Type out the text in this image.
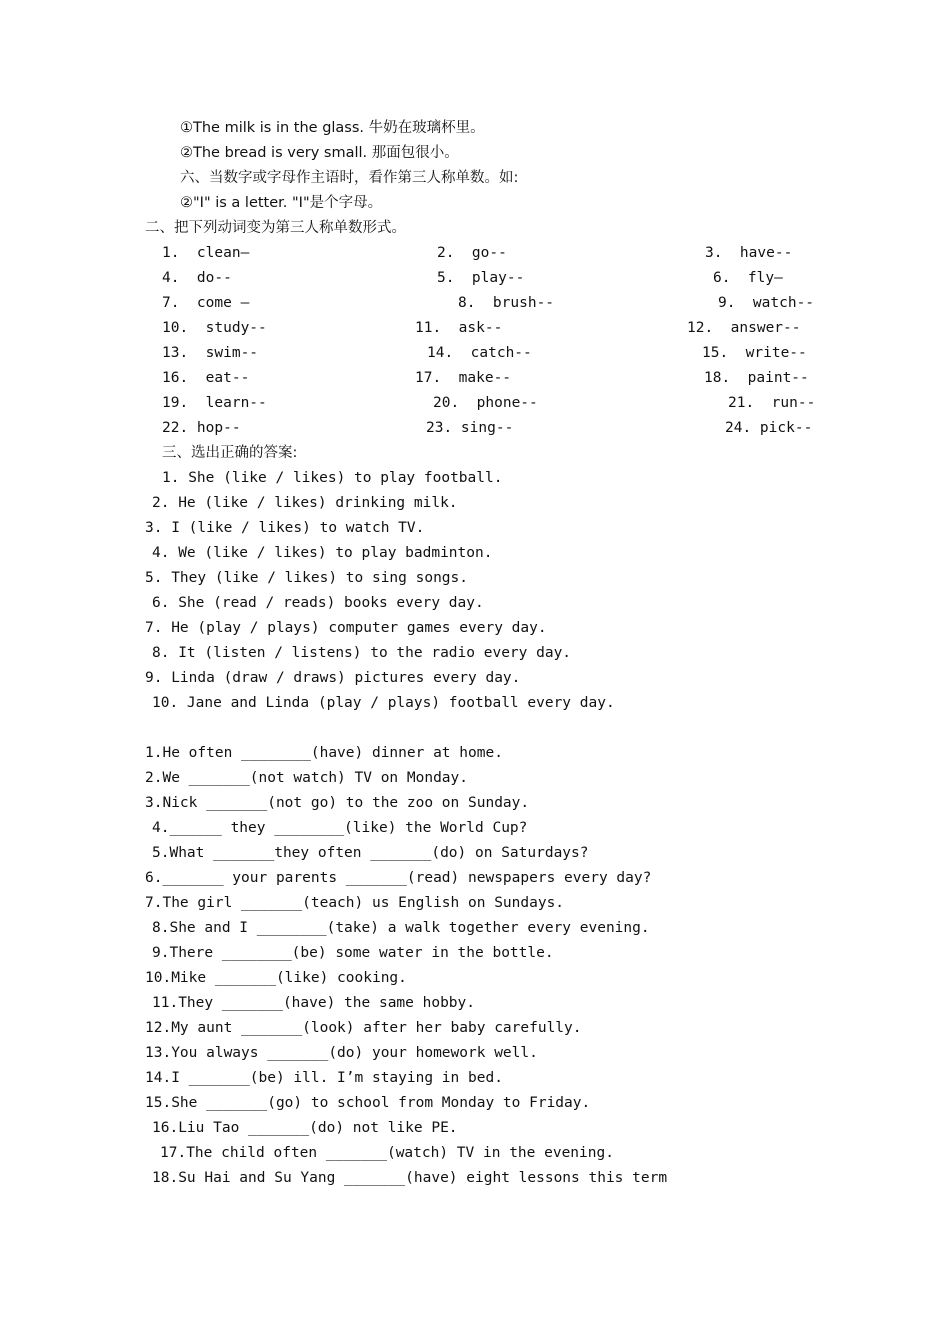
①The milk is in the glass. 牛奶在玻璃杯里。
②The bread is very small. 那面包很小。
六、当数字或字母作主语时，看作第三人称单数。如:
②"I" is a letter. "I"是个字母。
二、把下列动词变为第三人称单数形式。
1.  clean—	2.  go--	3.  have--
4.  do--	5.  play--	6.  fly—
7.  come —	8.  brush--	9.  watch--
10.  study--	11.  ask--	12.  answer--
13.  swim--	14.  catch--	15.  write--
16.  eat--	17.  make--	18.  paint--
19.  learn--	20.  phone--	21.  run--
22. hop--	23. sing--	24. pick--
三、选出正确的答案:
1. She (like / likes) to play football.
2. He (like / likes) drinking milk.
3. I (like / likes) to watch TV.
4. We (like / likes) to play badminton.
5. They (like / likes) to sing songs.
6. She (read / reads) books every day.
7. He (play / plays) computer games every day.
8. It (listen / listens) to the radio every day.
9. Linda (draw / draws) pictures every day.
10. Jane and Linda (play / plays) football every day.
1.He often ________(have) dinner at home.
2.We _______(not watch) TV on Monday.
3.Nick _______(not go) to the zoo on Sunday.
4.______ they ________(like) the World Cup?
5.What _______they often _______(do) on Saturdays?
6._______ your parents _______(read) newspapers every day?
7.The girl _______(teach) us English on Sundays.
8.She and I ________(take) a walk together every evening.
9.There ________(be) some water in the bottle.
10.Mike _______(like) cooking.
11.They _______(have) the same hobby.
12.My aunt _______(look) after her baby carefully.
13.You always _______(do) your homework well.
14.I _______(be) ill. I’m staying in bed.
15.She _______(go) to school from Monday to Friday.
16.Liu Tao _______(do) not like PE.
17.The child often _______(watch) TV in the evening.
18.Su Hai and Su Yang _______(have) eight lessons this term
